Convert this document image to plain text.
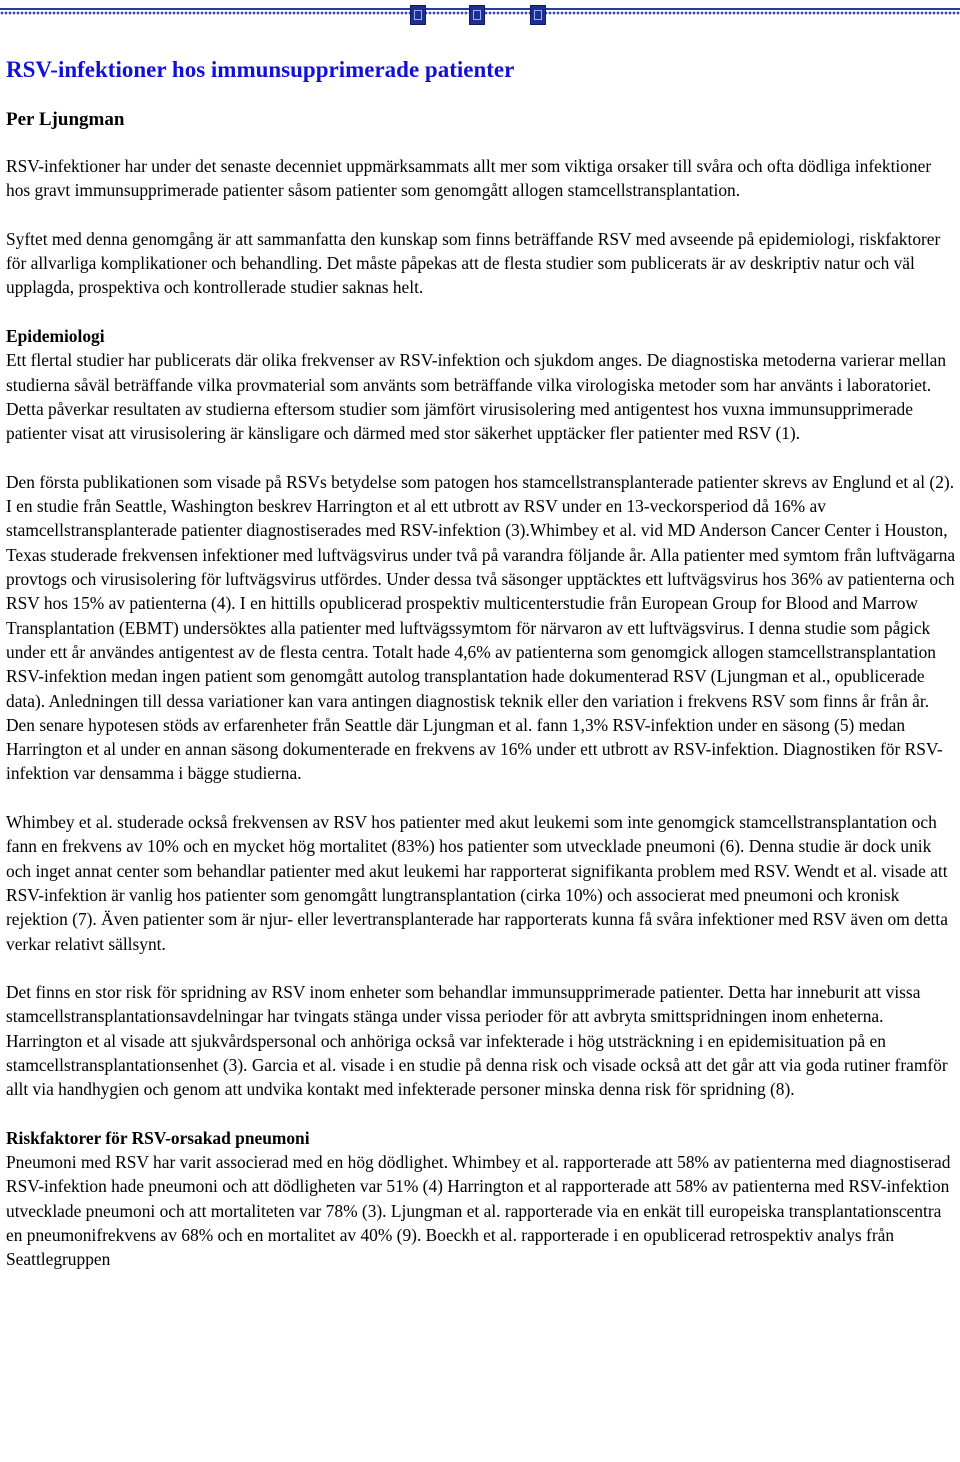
RSV-infektioner hos immunsupprimerade patienter
Per Ljungman

RSV-infektioner har under det senaste decenniet uppmärksammats allt mer som viktiga orsaker till svåra och ofta dödliga infektioner hos gravt immunsupprimerade patienter såsom patienter som genomgått allogen stamcellstransplantation.

Syftet med denna genomgång är att sammanfatta den kunskap som finns beträffande RSV med avseende på epidemiologi, riskfaktorer för allvarliga komplikationer och behandling. Det måste påpekas att de flesta studier som publicerats är av deskriptiv natur och väl upplagda, prospektiva och kontrollerade studier saknas helt.

Epidemiologi

Ett flertal studier har publicerats där olika frekvenser av RSV-infektion och sjukdom anges. De diagnostiska metoderna varierar mellan studierna såväl beträffande vilka provmaterial som använts som beträffande vilka virologiska metoder som har använts i laboratoriet. Detta påverkar resultaten av studierna eftersom studier som jämfört virusisolering med antigentest hos vuxna immunsupprimerade patienter visat att virusisolering är känsligare och därmed med stor säkerhet upptäcker fler patienter med RSV (1).

Den första publikationen som visade på RSVs betydelse som patogen hos stamcellstransplanterade patienter skrevs av Englund et al (2). I en studie från Seattle, Washington beskrev Harrington et al ett utbrott av RSV under en 13-veckorsperiod då 16% av stamcellstransplanterade patienter diagnostiserades med RSV-infektion (3).Whimbey et al. vid MD Anderson Cancer Center i Houston, Texas studerade frekvensen infektioner med luftvägsvirus under två på varandra följande år. Alla patienter med symtom från luftvägarna provtogs och virusisolering för luftvägsvirus utfördes. Under dessa två säsonger upptäcktes ett luftvägsvirus hos 36% av patienterna och RSV hos 15% av patienterna (4). I en hittills opublicerad prospektiv multicenterstudie från European Group for Blood and Marrow Transplantation (EBMT) undersöktes alla patienter med luftvägssymtom för närvaron av ett luftvägsvirus. I denna studie som pågick under ett år användes antigentest av de flesta centra. Totalt hade 4,6% av patienterna som genomgick allogen stamcellstransplantation RSV-infektion medan ingen patient som genomgått autolog transplantation hade dokumenterad RSV (Ljungman et al., opublicerade data). Anledningen till dessa variationer kan vara antingen diagnostisk teknik eller den variation i frekvens RSV som finns år från år. Den senare hypotesen stöds av erfarenheter från Seattle där Ljungman et al. fann 1,3% RSV-infektion under en säsong (5) medan Harrington et al under en annan säsong dokumenterade en frekvens av 16% under ett utbrott av RSV-infektion. Diagnostiken för RSV-infektion var densamma i bägge studierna.

Whimbey et al. studerade också frekvensen av RSV hos patienter med akut leukemi som inte genomgick stamcellstransplantation och fann en frekvens av 10% och en mycket hög mortalitet (83%) hos patienter som utvecklade pneumoni (6). Denna studie är dock unik och inget annat center som behandlar patienter med akut leukemi har rapporterat signifikanta problem med RSV. Wendt et al. visade att RSV-infektion är vanlig hos patienter som genomgått lungtransplantation (cirka 10%) och associerat med pneumoni och kronisk rejektion (7). Även patienter som är njur- eller levertransplanterade har rapporterats kunna få svåra infektioner med RSV även om detta verkar relativt sällsynt.

Det finns en stor risk för spridning av RSV inom enheter som behandlar immunsupprimerade patienter. Detta har inneburit att vissa stamcellstransplantationsavdelningar har tvingats stänga under vissa perioder för att avbryta smittspridningen inom enheterna. Harrington et al visade att sjukvårdspersonal och anhöriga också var infekterade i hög utsträckning i en epidemisituation på en stamcellstransplantationsenhet (3). Garcia et al. visade i en studie på denna risk och visade också att det går att via goda rutiner framför allt via handhygien och genom att undvika kontakt med infekterade personer minska denna risk för spridning (8).

Riskfaktorer för RSV-orsakad pneumoni

Pneumoni med RSV har varit associerad med en hög dödlighet. Whimbey et al. rapporterade att 58% av patienterna med diagnostiserad RSV-infektion hade pneumoni och att dödligheten var 51% (4) Harrington et al rapporterade att 58% av patienterna med RSV-infektion utvecklade pneumoni och att mortaliteten var 78% (3). Ljungman et al. rapporterade via en enkät till europeiska transplantationscentra en pneumonifrekvens av 68% och en mortalitet av 40% (9). Boeckh et al. rapporterade i en opublicerad retrospektiv analys från Seattlegruppen
